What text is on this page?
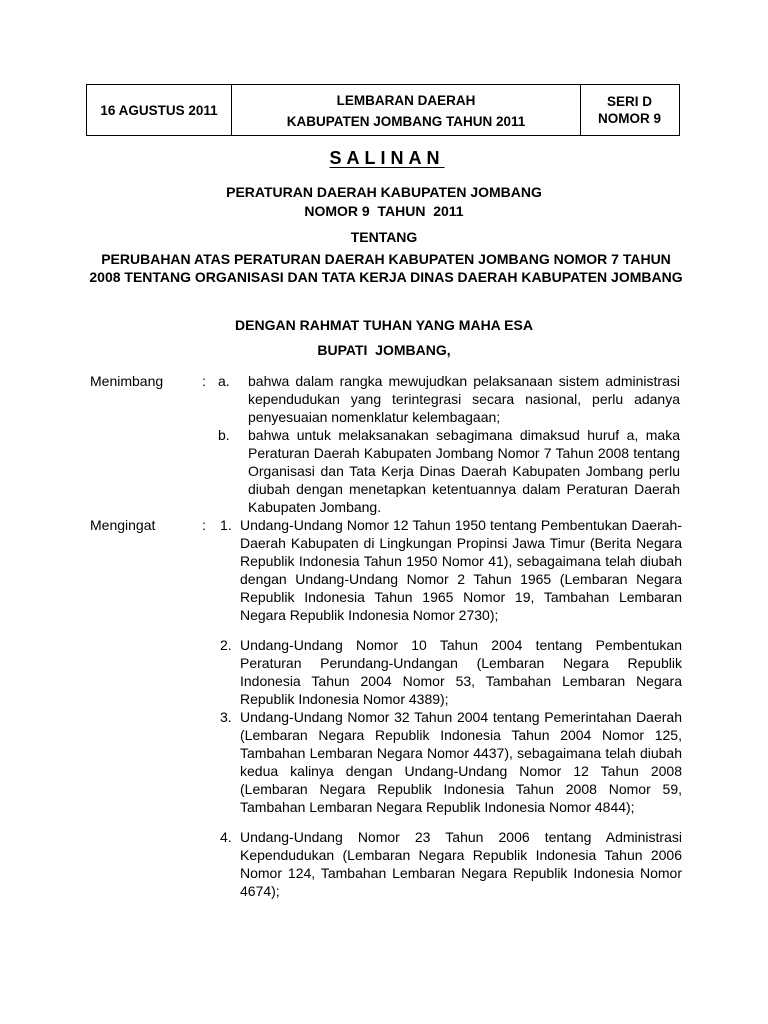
16 AGUSTUS 2011
LEMBARAN DAERAH
KABUPATEN JOMBANG TAHUN 2011
SERI D
NOMOR 9
SALINAN
PERATURAN DAERAH KABUPATEN JOMBANG
NOMOR 9  TAHUN  2011
TENTANG
PERUBAHAN ATAS PERATURAN DAERAH KABUPATEN JOMBANG NOMOR 7 TAHUN 2008 TENTANG ORGANISASI DAN TATA KERJA DINAS DAERAH KABUPATEN JOMBANG
DENGAN RAHMAT TUHAN YANG MAHA ESA
BUPATI  JOMBANG,
Menimbang	: a. bahwa dalam rangka mewujudkan pelaksanaan sistem administrasi kependudukan yang terintegrasi secara nasional, perlu adanya penyesuaian nomenklatur kelembagaan;
b. bahwa untuk melaksanakan sebagimana dimaksud huruf a, maka Peraturan Daerah Kabupaten Jombang Nomor 7 Tahun 2008 tentang Organisasi dan Tata Kerja Dinas Daerah Kabupaten Jombang perlu diubah dengan menetapkan ketentuannya dalam Peraturan Daerah Kabupaten Jombang.
Mengingat	: 1. Undang-Undang Nomor 12 Tahun 1950 tentang Pembentukan Daerah-Daerah Kabupaten di Lingkungan Propinsi Jawa Timur (Berita Negara Republik Indonesia Tahun 1950 Nomor 41), sebagaimana telah diubah dengan Undang-Undang Nomor 2 Tahun 1965 (Lembaran Negara Republik Indonesia Tahun 1965 Nomor 19, Tambahan Lembaran Negara Republik Indonesia Nomor 2730);
2. Undang-Undang Nomor 10 Tahun 2004 tentang Pembentukan Peraturan Perundang-Undangan (Lembaran Negara Republik Indonesia Tahun 2004 Nomor 53, Tambahan Lembaran Negara Republik Indonesia Nomor 4389);
3. Undang-Undang Nomor 32 Tahun 2004 tentang Pemerintahan Daerah (Lembaran Negara Republik Indonesia Tahun 2004 Nomor 125, Tambahan Lembaran Negara Nomor 4437), sebagaimana telah diubah kedua kalinya dengan Undang-Undang Nomor 12 Tahun 2008 (Lembaran Negara Republik Indonesia Tahun 2008 Nomor 59, Tambahan Lembaran Negara Republik Indonesia Nomor 4844);
4. Undang-Undang Nomor 23 Tahun 2006 tentang Administrasi Kependudukan (Lembaran Negara Republik Indonesia Tahun 2006 Nomor 124, Tambahan Lembaran Negara Republik Indonesia Nomor 4674);
